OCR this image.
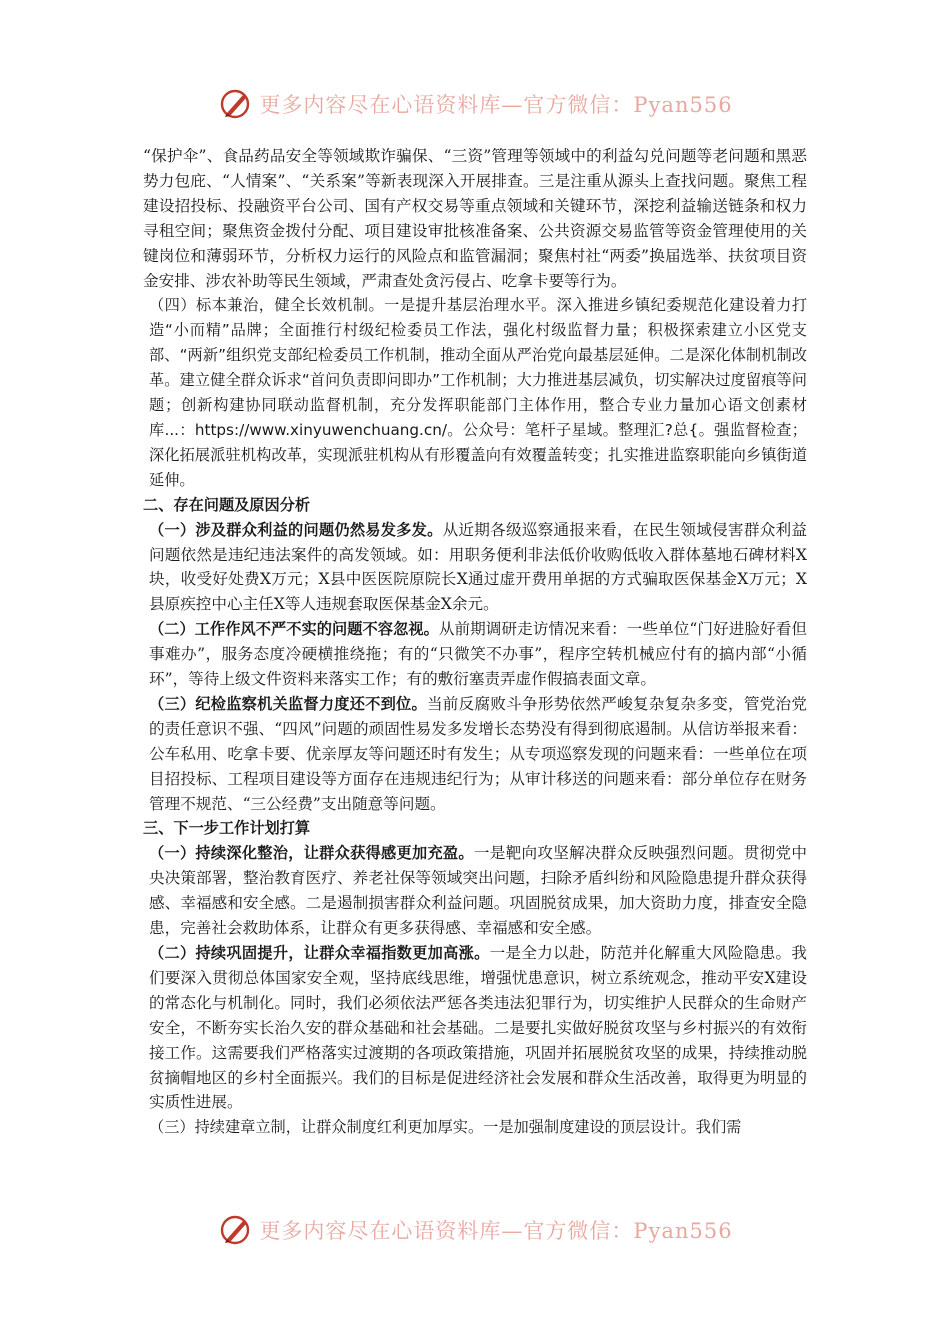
更多内容尽在心语资料库—官方微信：Pyan556

“保护伞”、食品药品安全等领域欺诈骗保、“三资”管理等领域中的利益勾兑问题等老问题和黑恶势力包庇、“人情案”、“关系案”等新表现深入开展排查。三是注重从源头上查找问题。聚焦工程建设招投标、投融资平台公司、国有产权交易等重点领域和关键环节，深挖利益输送链条和权力寻租空间；聚焦资金拨付分配、项目建设审批核准备案、公共资源交易监管等资金管理使用的关键岗位和薄弱环节，分析权力运行的风险点和监管漏洞；聚焦村社“两委”换届选举、扶贫项目资金安排、涉农补助等民生领域，严肃查处贪污侵占、吃拿卡要等行为。

（四）标本兼治，健全长效机制。一是提升基层治理水平。深入推进乡镇纪委规范化建设着力打造“小而精”品牌；全面推行村级纪检委员工作法，强化村级监督力量；积极探索建立小区党支部、“两新”组织党支部纪检委员工作机制，推动全面从严治党向最基层延伸。二是深化体制机制改革。建立健全群众诉求“首问负责即问即办”工作机制；大力推进基层减负，切实解决过度留痕等问题；创新构建协同联动监督机制，充分发挥职能部门主体作用，整合专业力量加心语文创素材库...：https://www.xinyuwenchuang.cn/。公众号：笔杆子星域。整理汇?总{。强监督检查；深化拓展派驻机构改革，实现派驻机构从有形覆盖向有效覆盖转变；扎实推进监察职能向乡镇街道延伸。

二、存在问题及原因分析

（一）涉及群众利益的问题仍然易发多发。从近期各级巡察通报来看，在民生领域侵害群众利益问题依然是违纪违法案件的高发领域。如：用职务便利非法低价收购低收入群体墓地石碑材料X块，收受好处费X万元；X县中医医院原院长X通过虚开费用单据的方式骗取医保基金X万元；X县原疾控中心主任X等人违规套取医保基金X余元。

（二）工作作风不严不实的问题不容忽视。从前期调研走访情况来看：一些单位“门好进脸好看但事难办”，服务态度冷硬横推绕拖；有的“只微笑不办事”，程序空转机械应付有的搞内部“小循环”，等待上级文件资料来落实工作；有的敷衍塞责弄虚作假搞表面文章。

（三）纪检监察机关监督力度还不到位。当前反腐败斗争形势依然严峻复杂复杂多变，管党治党的责任意识不强、“四风”问题的顽固性易发多发增长态势没有得到彻底遏制。从信访举报来看：公车私用、吃拿卡要、优亲厚友等问题还时有发生；从专项巡察发现的问题来看：一些单位在项目招投标、工程项目建设等方面存在违规违纪行为；从审计移送的问题来看：部分单位存在财务管理不规范、“三公经费”支出随意等问题。

三、下一步工作计划打算

（一）持续深化整治，让群众获得感更加充盈。一是靶向攻坚解决群众反映强烈问题。贯彻党中央决策部署，整治教育医疗、养老社保等领域突出问题，扫除矛盾纠纷和风险隐患提升群众获得感、幸福感和安全感。二是遏制损害群众利益问题。巩固脱贫成果，加大资助力度，排查安全隐患，完善社会救助体系，让群众有更多获得感、幸福感和安全感。

（二）持续巩固提升，让群众幸福指数更加高涨。一是全力以赴，防范并化解重大风险隐患。我们要深入贯彻总体国家安全观，坚持底线思维，增强忧患意识，树立系统观念，推动平安X建设的常态化与机制化。同时，我们必须依法严惩各类违法犯罪行为，切实维护人民群众的生命财产安全，不断夯实长治久安的群众基础和社会基础。二是要扎实做好脱贫攻坚与乡村振兴的有效衔接工作。这需要我们严格落实过渡期的各项政策措施，巩固并拓展脱贫攻坚的成果，持续推动脱贫摘帽地区的乡村全面振兴。我们的目标是促进经济社会发展和群众生活改善，取得更为明显的实质性进展。

（三）持续建章立制，让群众制度红利更加厚实。一是加强制度建设的顶层设计。我们需

更多内容尽在心语资料库—官方微信：Pyan556
